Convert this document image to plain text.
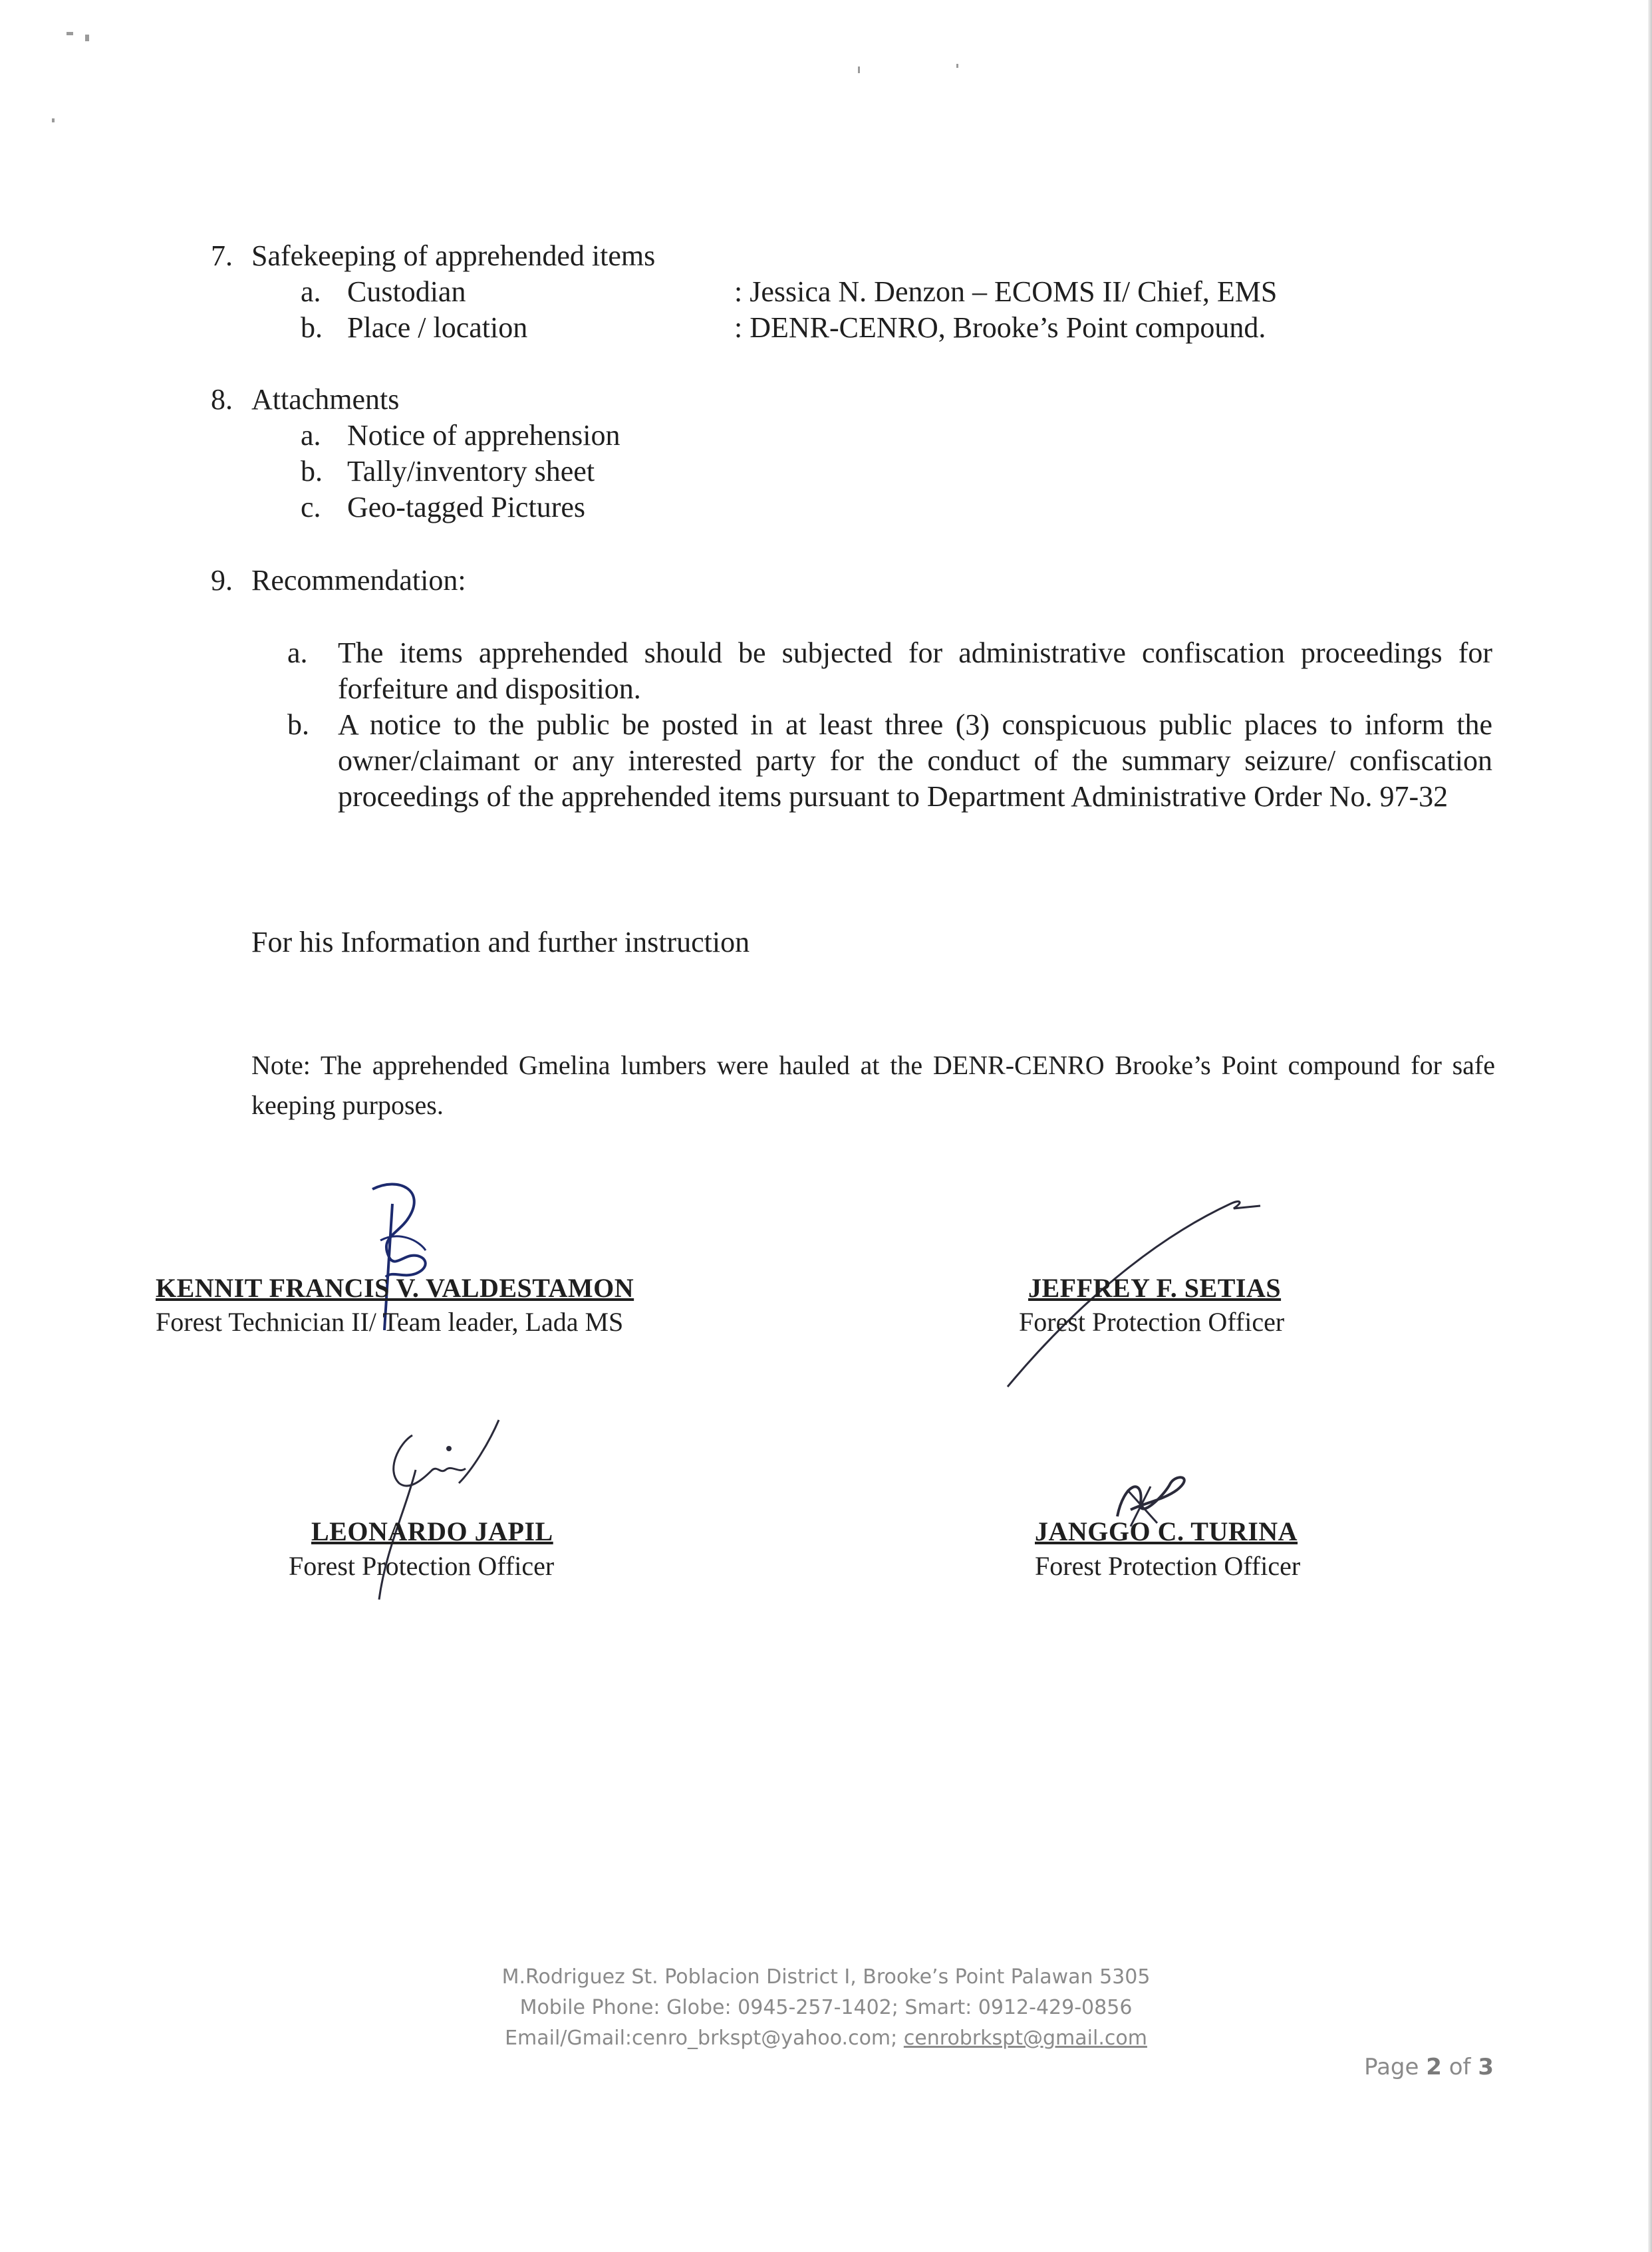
7. Safekeeping of apprehended items
a. Custodian	: Jessica N. Denzon – ECOMS II/ Chief, EMS
b. Place / location	: DENR-CENRO, Brooke’s Point compound.
8. Attachments
a. Notice of apprehension
b. Tally/inventory sheet
c. Geo-tagged Pictures
9. Recommendation:
a. The items apprehended should be subjected for administrative confiscation proceedings for forfeiture and disposition.
b. A notice to the public be posted in at least three (3) conspicuous public places to inform the owner/claimant or any interested party for the conduct of the summary seizure/ confiscation proceedings of the apprehended items pursuant to Department Administrative Order No. 97-32
For his Information and further instruction
Note: The apprehended Gmelina lumbers were hauled at the DENR-CENRO Brooke’s Point compound for safe keeping purposes.
KENNIT FRANCIS V. VALDESTAMON
Forest Technician II/ Team leader, Lada MS
JEFFREY F. SETIAS
Forest Protection Officer
LEONARDO JAPIL
Forest Protection Officer
JANGGO C. TURINA
Forest Protection Officer
M.Rodriguez St. Poblacion District I, Brooke’s Point Palawan 5305
Mobile Phone: Globe: 0945-257-1402; Smart: 0912-429-0856
Email/Gmail:cenro_brkspt@yahoo.com; cenrobrkspt@gmail.com
Page 2 of 3
